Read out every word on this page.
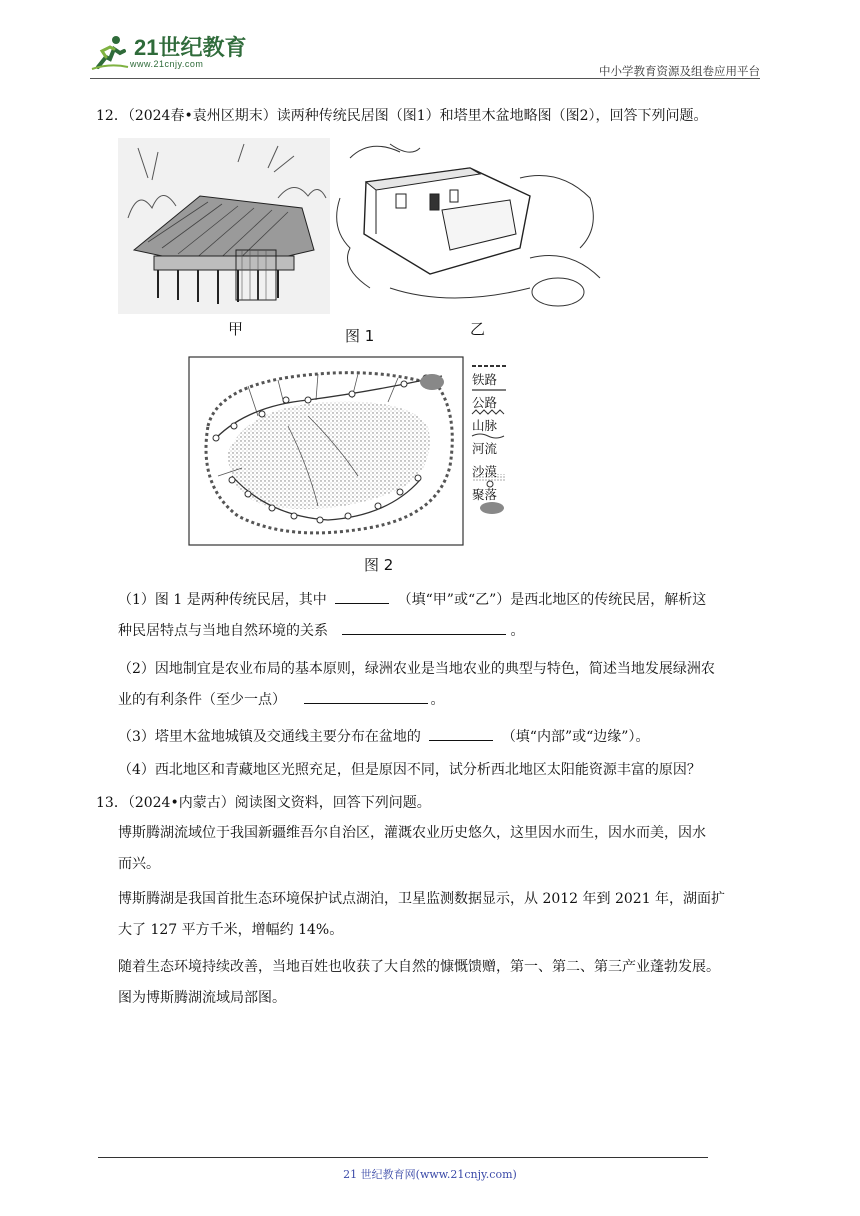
21世纪教育
www.21cnjy.com	中小学教育资源及组卷应用平台
12．（2024春•袁州区期末）读两种传统民居图（图1）和塔里木盆地略图（图2），回答下列问题。
甲	图 1	乙
铁路
公路
山脉
河流
沙漠
聚落
图 2
（1）图 1 是两种传统民居，其中	（填“甲”或“乙”）是西北地区的传统民居，解析这
种民居特点与当地自然环境的关系	。
（2）因地制宜是农业布局的基本原则，绿洲农业是当地农业的典型与特色，简述当地发展绿洲农
业的有利条件（至少一点）	。
（3）塔里木盆地城镇及交通线主要分布在盆地的	（填“内部”或“边缘”）。
（4）西北地区和青藏地区光照充足，但是原因不同，试分析西北地区太阳能资源丰富的原因？
13．（2024•内蒙古）阅读图文资料，回答下列问题。
博斯腾湖流域位于我国新疆维吾尔自治区，灌溉农业历史悠久，这里因水而生，因水而美，因水
而兴。
博斯腾湖是我国首批生态环境保护试点湖泊，卫星监测数据显示，从 2012 年到 2021 年，湖面扩
大了 127 平方千米，增幅约 14%。
随着生态环境持续改善，当地百姓也收获了大自然的慷慨馈赠，第一、第二、第三产业蓬勃发展。
图为博斯腾湖流域局部图。
21 世纪教育网(www.21cnjy.com)
